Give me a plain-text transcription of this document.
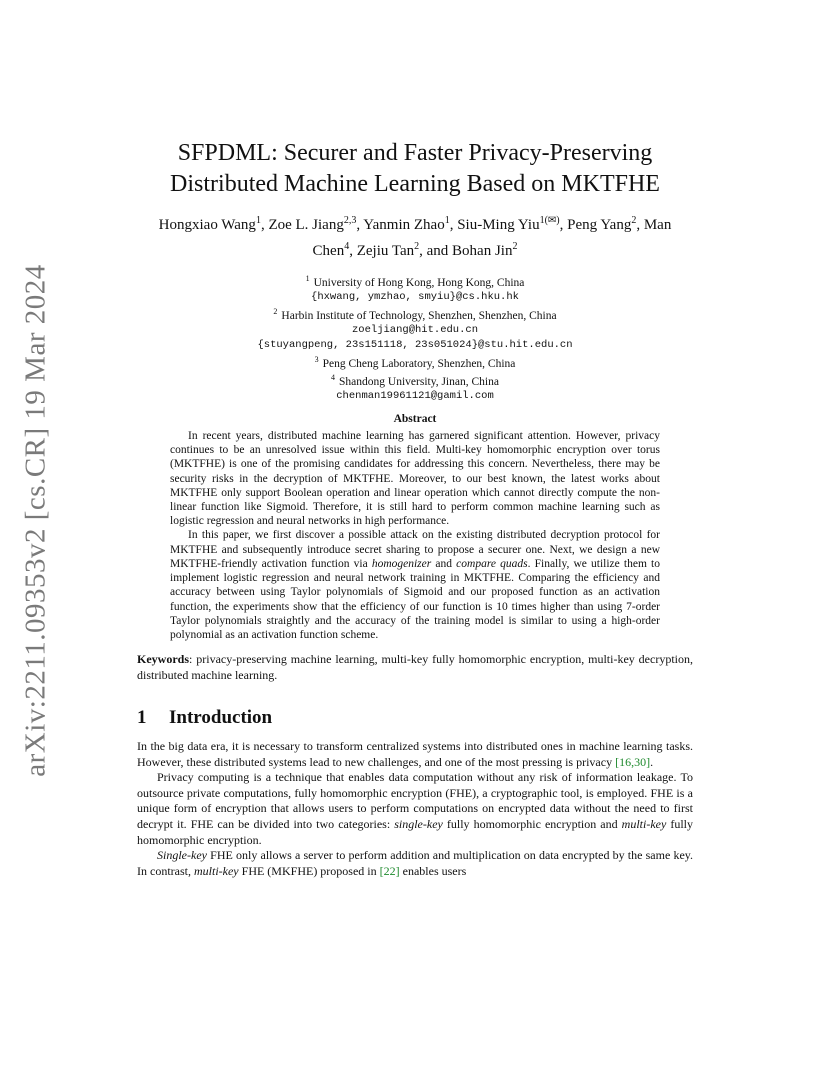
arXiv:2211.09353v2 [cs.CR] 19 Mar 2024
SFPDML: Securer and Faster Privacy-Preserving
Distributed Machine Learning Based on MKTFHE
Hongxiao Wang$^1$, Zoe L. Jiang$^{2,3}$, Yanmin Zhao$^1$, Siu-Ming Yiu$^{1(✉)}$, Peng Yang$^2$, Man Chen$^4$, Zejiu Tan$^2$, and Bohan Jin$^2$
$^1$ University of Hong Kong, Hong Kong, China
{hxwang, ymzhao, smyiu}@cs.hku.hk
$^2$ Harbin Institute of Technology, Shenzhen, Shenzhen, China
zoeljiang@hit.edu.cn
{stuyangpeng, 23s151118, 23s051024}@stu.hit.edu.cn
$^3$ Peng Cheng Laboratory, Shenzhen, China
$^4$ Shandong University, Jinan, China
chenman19961121@gamil.com
Abstract

In recent years, distributed machine learning has garnered significant attention. However, privacy continues to be an unresolved issue within this field. Multi-key homomorphic encryption over torus (MKTFHE) is one of the promising candidates for addressing this concern. Nevertheless, there may be security risks in the decryption of MKTFHE. Moreover, to our best known, the latest works about MKTFHE only support Boolean operation and linear operation which cannot directly compute the non-linear function like Sigmoid. Therefore, it is still hard to perform common machine learning such as logistic regression and neural networks in high performance.

In this paper, we first discover a possible attack on the existing distributed decryption protocol for MKTFHE and subsequently introduce secret sharing to propose a securer one. Next, we design a new MKTFHE-friendly activation function via homogenizer and compare quads. Finally, we utilize them to implement logistic regression and neural network training in MKTFHE. Comparing the efficiency and accuracy between using Taylor polynomials of Sigmoid and our proposed function as an activation function, the experiments show that the efficiency of our function is 10 times higher than using 7-order Taylor polynomials straightly and the accuracy of the training model is similar to using a high-order polynomial as an activation function scheme.

Keywords: privacy-preserving machine learning, multi-key fully homomorphic encryption, multi-key decryption, distributed machine learning.
1 Introduction

In the big data era, it is necessary to transform centralized systems into distributed ones in machine learning tasks. However, these distributed systems lead to new challenges, and one of the most pressing is privacy [16,30].

Privacy computing is a technique that enables data computation without any risk of information leakage. To outsource private computations, fully homomorphic encryption (FHE), a cryptographic tool, is employed. FHE is a unique form of encryption that allows users to perform computations on encrypted data without the need to first decrypt it. FHE can be divided into two categories: single-key fully homomorphic encryption and multi-key fully homomorphic encryption.

Single-key FHE only allows a server to perform addition and multiplication on data encrypted by the same key. In contrast, multi-key FHE (MKFHE) proposed in [22] enables users
